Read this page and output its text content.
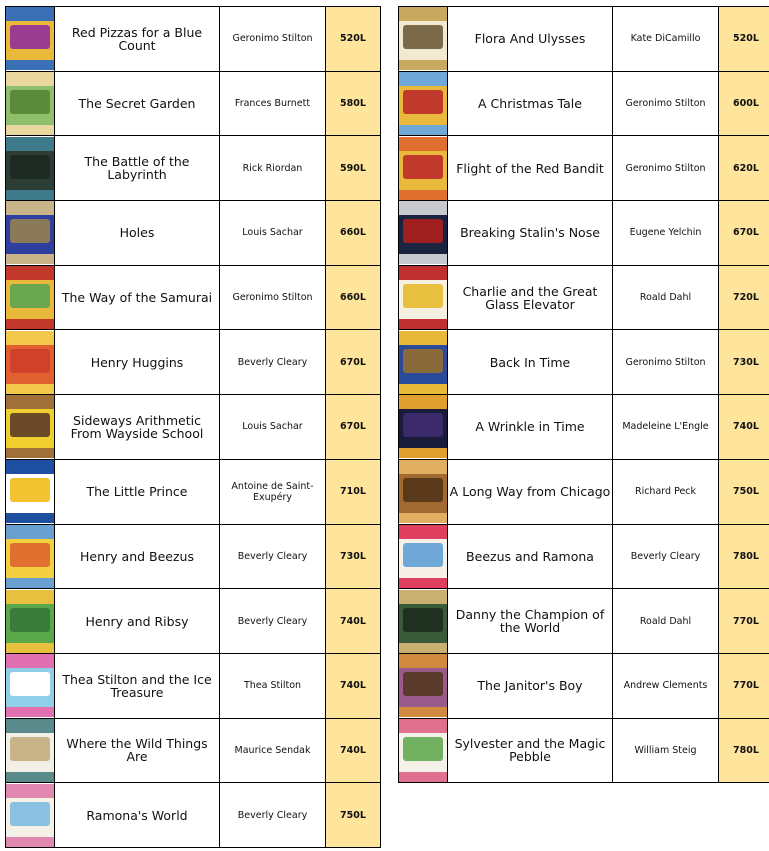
	Red Pizzas for a Blue Count	Geronimo Stilton	520L

	The Secret Garden	Frances Burnett	580L

	The Battle of the Labyrinth	Rick Riordan	590L

	Holes	Louis Sachar	660L

	The Way of the Samurai	Geronimo Stilton	660L

	Henry Huggins	Beverly Cleary	670L

	Sideways Arithmetic From Wayside School	Louis Sachar	670L

	The Little Prince	Antoine de Saint-Exupéry	710L

	Henry and Beezus	Beverly Cleary	730L

	Henry and Ribsy	Beverly Cleary	740L

	Thea Stilton and the Ice Treasure	Thea Stilton	740L

	Where the Wild Things Are	Maurice Sendak	740L

	Ramona's World	Beverly Cleary	750L
	Flora And Ulysses	Kate DiCamillo	520L

	A Christmas Tale	Geronimo Stilton	600L

	Flight of the Red Bandit	Geronimo Stilton	620L

	Breaking Stalin's Nose	Eugene Yelchin	670L

	Charlie and the Great Glass Elevator	Roald Dahl	720L

	Back In Time	Geronimo Stilton	730L

	A Wrinkle in Time	Madeleine L'Engle	740L

	A Long Way from Chicago	Richard Peck	750L

	Beezus and Ramona	Beverly Cleary	780L

	Danny the Champion of the World	Roald Dahl	770L

	The Janitor's Boy	Andrew Clements	770L

	Sylvester and the Magic Pebble	William Steig	780L
